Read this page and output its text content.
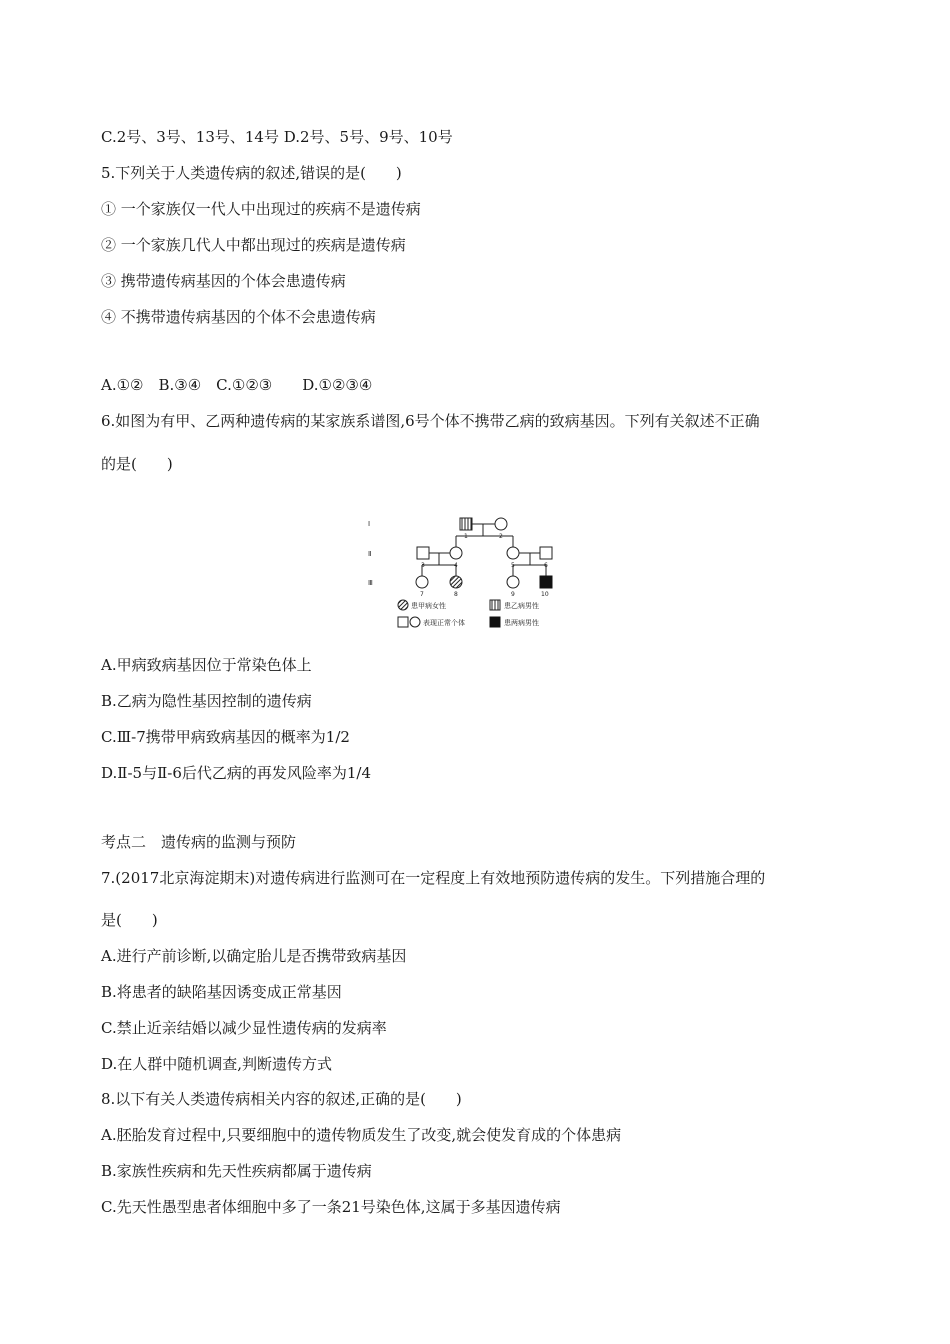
C.2号、3号、13号、14号 D.2号、5号、9号、10号
5.下列关于人类遗传病的叙述,错误的是(　　)
① 一个家族仅一代人中出现过的疾病不是遗传病
② 一个家族几代人中都出现过的疾病是遗传病
③ 携带遗传病基因的个体会患遗传病
④ 不携带遗传病基因的个体不会患遗传病
A.①②　B.③④　C.①②③　　D.①②③④
6.如图为有甲、乙两种遗传病的某家族系谱图,6号个体不携带乙病的致病基因。下列有关叙述不正确
的是(　　)
Ⅰ
Ⅱ
Ⅲ
1	2
3	4	5	6
7	8	9	10
患甲病女性	患乙病男性
表现正常个体	患两病男性
A.甲病致病基因位于常染色体上
B.乙病为隐性基因控制的遗传病
C.Ⅲ-7携带甲病致病基因的概率为1/2
D.Ⅱ-5与Ⅱ-6后代乙病的再发风险率为1/4
考点二　遗传病的监测与预防
7.(2017北京海淀期末)对遗传病进行监测可在一定程度上有效地预防遗传病的发生。下列措施合理的
是(　　)
A.进行产前诊断,以确定胎儿是否携带致病基因
B.将患者的缺陷基因诱变成正常基因
C.禁止近亲结婚以减少显性遗传病的发病率
D.在人群中随机调查,判断遗传方式
8.以下有关人类遗传病相关内容的叙述,正确的是(　　)
A.胚胎发育过程中,只要细胞中的遗传物质发生了改变,就会使发育成的个体患病
B.家族性疾病和先天性疾病都属于遗传病
C.先天性愚型患者体细胞中多了一条21号染色体,这属于多基因遗传病
